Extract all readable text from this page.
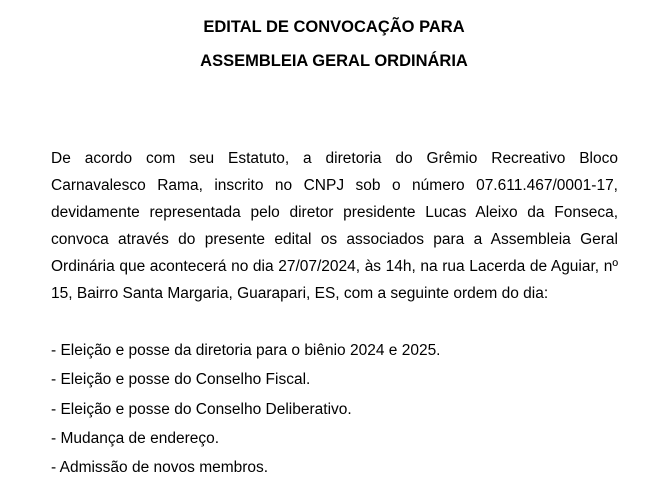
EDITAL DE CONVOCAÇÃO PARA
ASSEMBLEIA GERAL ORDINÁRIA

De acordo com seu Estatuto, a diretoria do Grêmio Recreativo Bloco Carnavalesco Rama, inscrito no CNPJ sob o número 07.611.467/0001-17, devidamente representada pelo diretor presidente Lucas Aleixo da Fonseca, convoca através do presente edital os associados para a Assembleia Geral Ordinária que acontecerá no dia 27/07/2024, às 14h, na rua Lacerda de Aguiar, nº 15, Bairro Santa Margaria, Guarapari, ES, com a seguinte ordem do dia:

- Eleição e posse da diretoria para o biênio 2024 e 2025.
- Eleição e posse do Conselho Fiscal.
- Eleição e posse do Conselho Deliberativo.
- Mudança de endereço.
- Admissão de novos membros.
